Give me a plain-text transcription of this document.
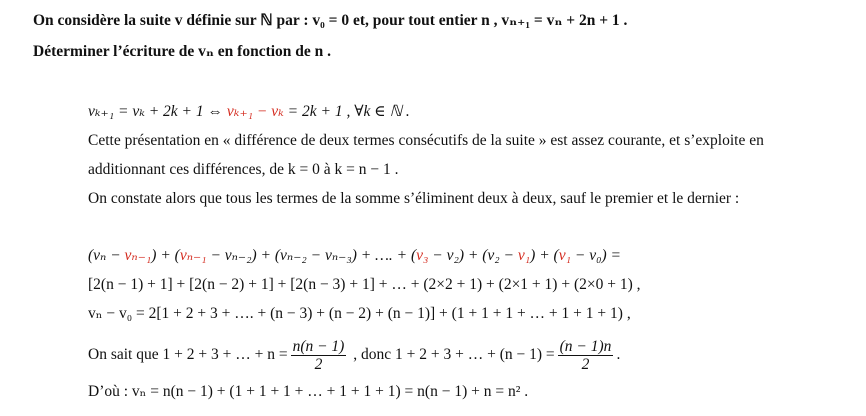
On considère la suite v définie sur ℕ par : v₀ = 0 et, pour tout entier n , vₙ₊₁ = vₙ + 2n + 1 .
Déterminer l’écriture de vₙ en fonction de n .
vₖ₊₁ = vₖ + 2k + 1 ⇔ vₖ₊₁ − vₖ = 2k + 1 , ∀k ∈ ℕ .
Cette présentation en « différence de deux termes consécutifs de la suite » est assez courante, et s’exploite en
additionnant ces différences, de k = 0 à k = n − 1 .
On constate alors que tous les termes de la somme s’éliminent deux à deux, sauf le premier et le dernier :
(vₙ − vₙ₋₁) + (vₙ₋₁ − vₙ₋₂) + (vₙ₋₂ − vₙ₋₃) + …. + (v₃ − v₂) + (v₂ − v₁) + (v₁ − v₀) =
[2(n − 1) + 1] + [2(n − 2) + 1] + [2(n − 3) + 1] + … + (2×2 + 1) + (2×1 + 1) + (2×0 + 1) ,
vₙ − v₀ = 2[1 + 2 + 3 + …. + (n − 3) + (n − 2) + (n − 1)] + (1 + 1 + 1 + … + 1 + 1 + 1) ,
On sait que 1 + 2 + 3 + … + $n = \frac{n(n - 1)}{2}$ , donc 1 + 2 + 3 + … + $(n - 1) = \frac{(n - 1)n}{2}$ .
D’où : vₙ = n(n − 1) + (1 + 1 + 1 + … + 1 + 1 + 1) = n(n − 1) + n = n² .
